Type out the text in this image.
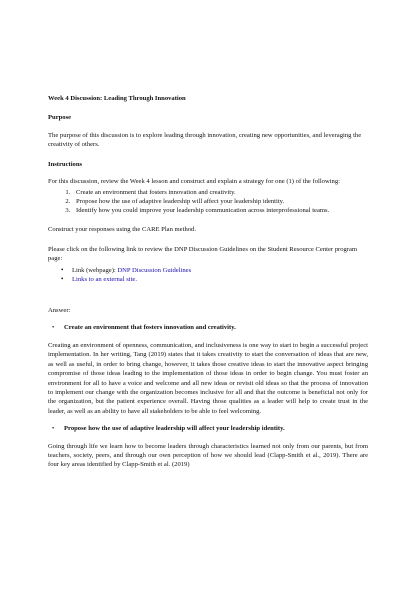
Week 4 Discussion: Leading Through Innovation

Purpose

The purpose of this discussion is to explore leading through innovation, creating new opportunities, and leveraging the creativity of others.

Instructions

For this discussion, review the Week 4 lesson and construct and explain a strategy for one (1) of the following:

1. Create an environment that fosters innovation and creativity.
2. Propose how the use of adaptive leadership will affect your leadership identity.
3. Identify how you could improve your leadership communication across interprofessional teams.

Construct your responses using the CARE Plan method.

Please click on the following link to review the DNP Discussion Guidelines on the Student Resource Center program page:

• Link (webpage): DNP Discussion Guidelines
• Links to an external site.

Answer:

• Create an environment that fosters innovation and creativity.

Creating an environment of openness, communication, and inclusiveness is one way to start to begin a successful project implementation. In her writing, Tang (2019) states that it takes creativity to start the conversation of ideas that are new, as well as useful, in order to bring change, however, it takes those creative ideas to start the innovative aspect bringing compromise of those ideas leading to the implementation of those ideas in order to begin change. You must foster an environment for all to have a voice and welcome and all new ideas or revisit old ideas so that the process of innovation to implement our change with the organization becomes inclusive for all and that the outcome is beneficial not only for the organization, but the patient experience overall. Having those qualities as a leader will help to create trust in the leader, as well as an ability to have all stakeholders to be able to feel welcoming.

• Propose how the use of adaptive leadership will affect your leadership identity.

Going through life we learn how to become leaders through characteristics learned not only from our parents, but from teachers, society, peers, and through our own perception of how we should lead (Clapp-Smith et al., 2019). There are four key areas identified by Clapp-Smith et al. (2019)
